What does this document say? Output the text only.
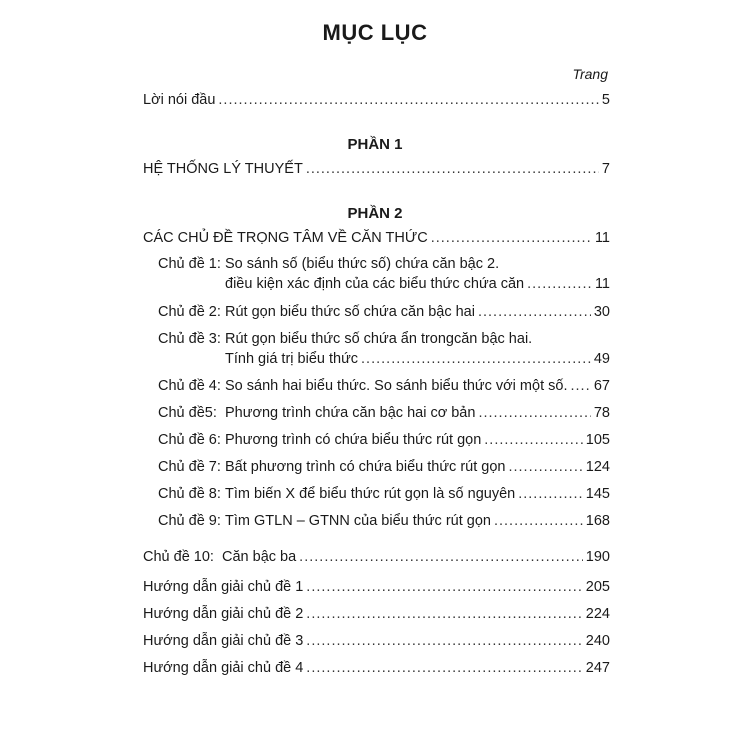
MỤC LỤC
Trang
Lời nói đầu .....	5
PHẦN 1
HỆ THỐNG LÝ THUYẾT .....	7
PHẦN 2
CÁC CHỦ ĐỀ TRỌNG TÂM VỀ CĂN THỨC .....	11
Chủ đề 1: So sánh số (biểu thức số) chứa căn bậc 2.
điều kiện xác định của các biểu thức chứa căn .....	11
Chủ đề 2: Rút gọn biểu thức số chứa căn bậc hai .....	30
Chủ đề 3: Rút gọn biểu thức số chứa ẩn trongcăn bậc hai.
Tính giá trị biểu thức .....	49
Chủ đề 4: So sánh hai biểu thức. So sánh biểu thức với một số. ..... 67
Chủ đề5: Phương trình chứa căn bậc hai cơ bản .....	78
Chủ đề 6: Phương trình có chứa biểu thức rút gọn .....	105
Chủ đề 7: Bất phương trình có chứa biểu thức rút gọn .....	124
Chủ đề 8: Tìm biến X để biểu thức rút gọn là số nguyên .....	145
Chủ đề 9: Tìm GTLN – GTNN của biểu thức rút gọn .....	168
Chủ đề 10: Căn bậc ba .....	190
Hướng dẫn giải chủ đề 1 .....	205
Hướng dẫn giải chủ đề 2 .....	224
Hướng dẫn giải chủ đề 3 .....	240
Hướng dẫn giải chủ đề 4 .....	247
